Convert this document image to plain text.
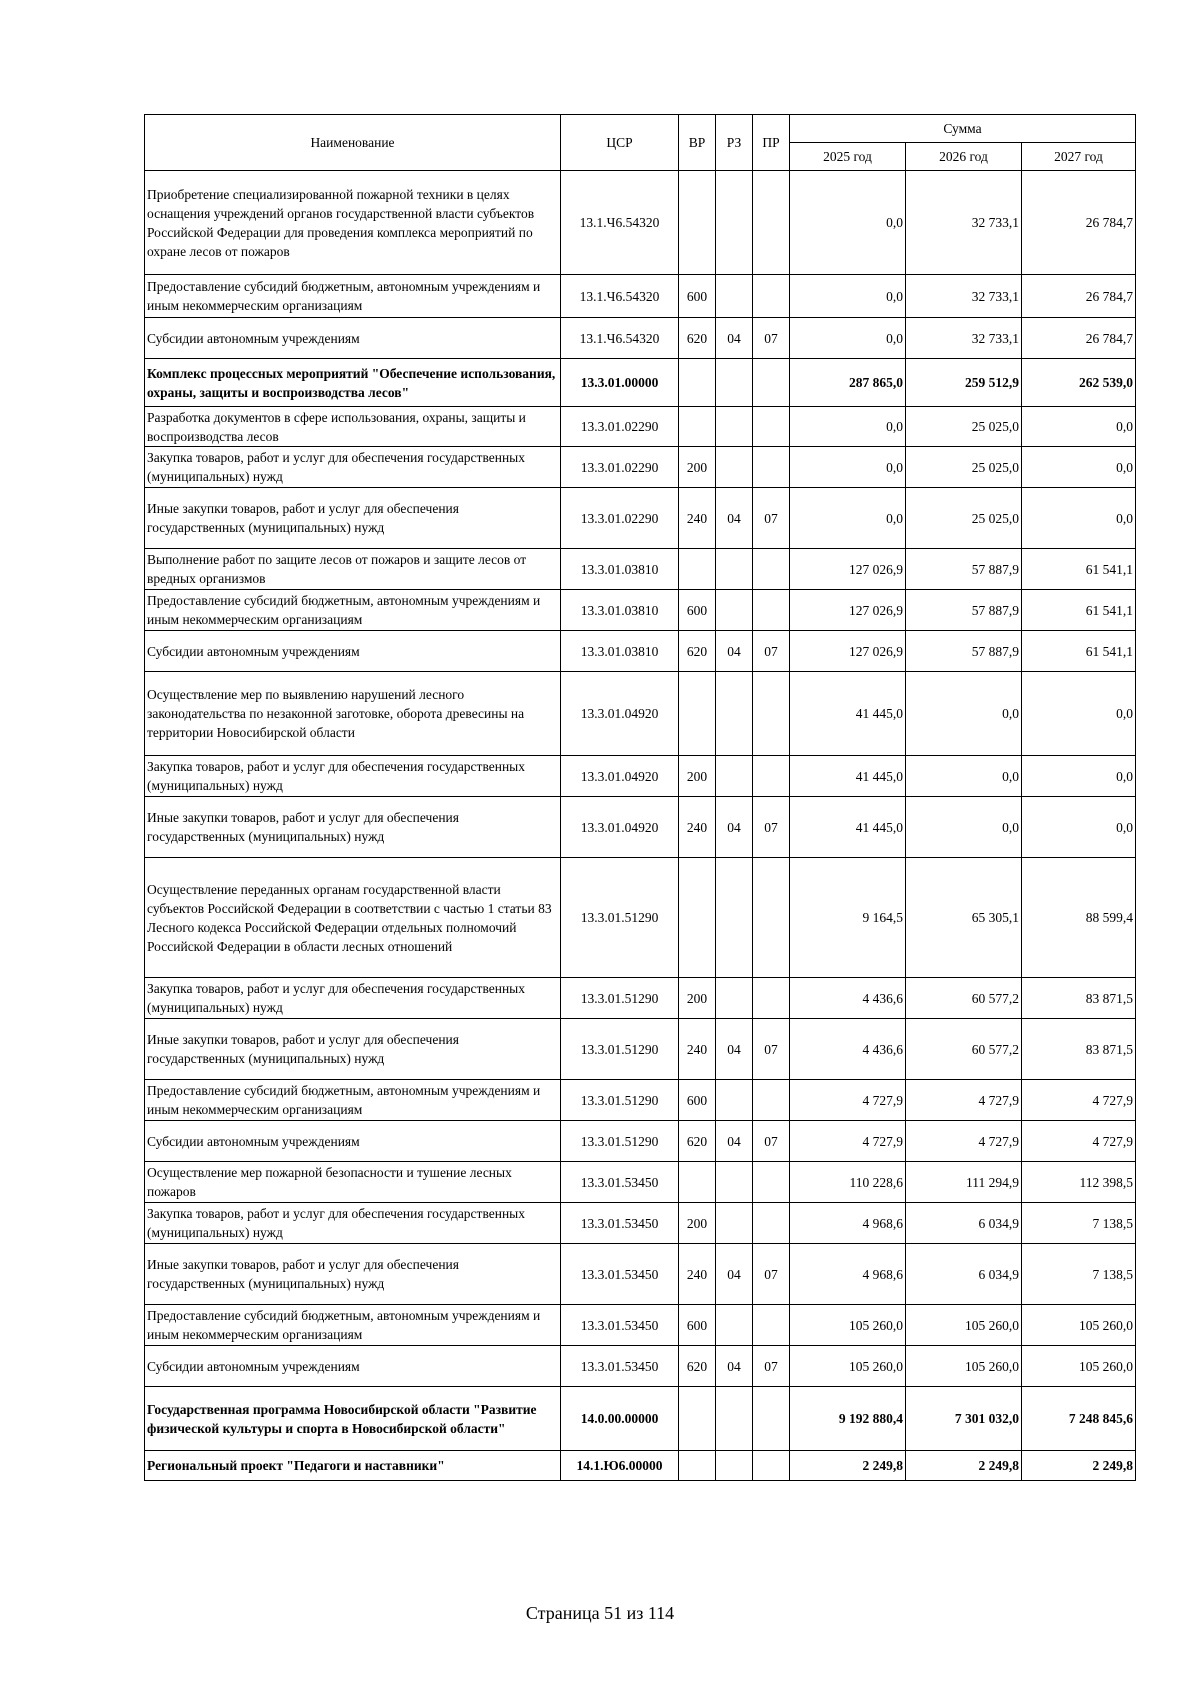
Наименование	ЦСР	ВР	РЗ	ПР	Сумма		
					2025 год	2026 год	2027 год
Приобретение специализированной пожарной техники в целях оснащения учреждений органов государственной власти субъектов Российской Федерации для проведения комплекса мероприятий по охране лесов от пожаров	13.1.Ч6.54320				0,0	32 733,1	26 784,7
Предоставление субсидий бюджетным, автономным учреждениям и иным некоммерческим организациям	13.1.Ч6.54320	600			0,0	32 733,1	26 784,7
Субсидии автономным учреждениям	13.1.Ч6.54320	620	04	07	0,0	32 733,1	26 784,7
Комплекс процессных мероприятий "Обеспечение использования, охраны, защиты и воспроизводства лесов"	13.3.01.00000				287 865,0	259 512,9	262 539,0
Разработка документов в сфере использования, охраны, защиты и воспроизводства лесов	13.3.01.02290				0,0	25 025,0	0,0
Закупка товаров, работ и услуг для обеспечения государственных (муниципальных) нужд	13.3.01.02290	200			0,0	25 025,0	0,0
Иные закупки товаров, работ и услуг для обеспечения государственных (муниципальных) нужд	13.3.01.02290	240	04	07	0,0	25 025,0	0,0
Выполнение работ по защите лесов от пожаров и защите лесов от вредных организмов	13.3.01.03810				127 026,9	57 887,9	61 541,1
Предоставление субсидий бюджетным, автономным учреждениям и иным некоммерческим организациям	13.3.01.03810	600			127 026,9	57 887,9	61 541,1
Субсидии автономным учреждениям	13.3.01.03810	620	04	07	127 026,9	57 887,9	61 541,1
Осуществление мер по выявлению нарушений лесного законодательства по незаконной заготовке, оборота древесины на территории Новосибирской области	13.3.01.04920				41 445,0	0,0	0,0
Закупка товаров, работ и услуг для обеспечения государственных (муниципальных) нужд	13.3.01.04920	200			41 445,0	0,0	0,0
Иные закупки товаров, работ и услуг для обеспечения государственных (муниципальных) нужд	13.3.01.04920	240	04	07	41 445,0	0,0	0,0
Осуществление переданных органам государственной власти субъектов Российской Федерации в соответствии с частью 1 статьи 83 Лесного кодекса Российской Федерации отдельных полномочий Российской Федерации в области лесных отношений	13.3.01.51290				9 164,5	65 305,1	88 599,4
Закупка товаров, работ и услуг для обеспечения государственных (муниципальных) нужд	13.3.01.51290	200			4 436,6	60 577,2	83 871,5
Иные закупки товаров, работ и услуг для обеспечения государственных (муниципальных) нужд	13.3.01.51290	240	04	07	4 436,6	60 577,2	83 871,5
Предоставление субсидий бюджетным, автономным учреждениям и иным некоммерческим организациям	13.3.01.51290	600			4 727,9	4 727,9	4 727,9
Субсидии автономным учреждениям	13.3.01.51290	620	04	07	4 727,9	4 727,9	4 727,9
Осуществление мер пожарной безопасности и тушение лесных пожаров	13.3.01.53450				110 228,6	111 294,9	112 398,5
Закупка товаров, работ и услуг для обеспечения государственных (муниципальных) нужд	13.3.01.53450	200			4 968,6	6 034,9	7 138,5
Иные закупки товаров, работ и услуг для обеспечения государственных (муниципальных) нужд	13.3.01.53450	240	04	07	4 968,6	6 034,9	7 138,5
Предоставление субсидий бюджетным, автономным учреждениям и иным некоммерческим организациям	13.3.01.53450	600			105 260,0	105 260,0	105 260,0
Субсидии автономным учреждениям	13.3.01.53450	620	04	07	105 260,0	105 260,0	105 260,0
Государственная программа Новосибирской области "Развитие физической культуры и спорта в Новосибирской области"	14.0.00.00000				9 192 880,4	7 301 032,0	7 248 845,6
Региональный проект "Педагоги и наставники"	14.1.Ю6.00000				2 249,8	2 249,8	2 249,8
Страница 51 из 114
